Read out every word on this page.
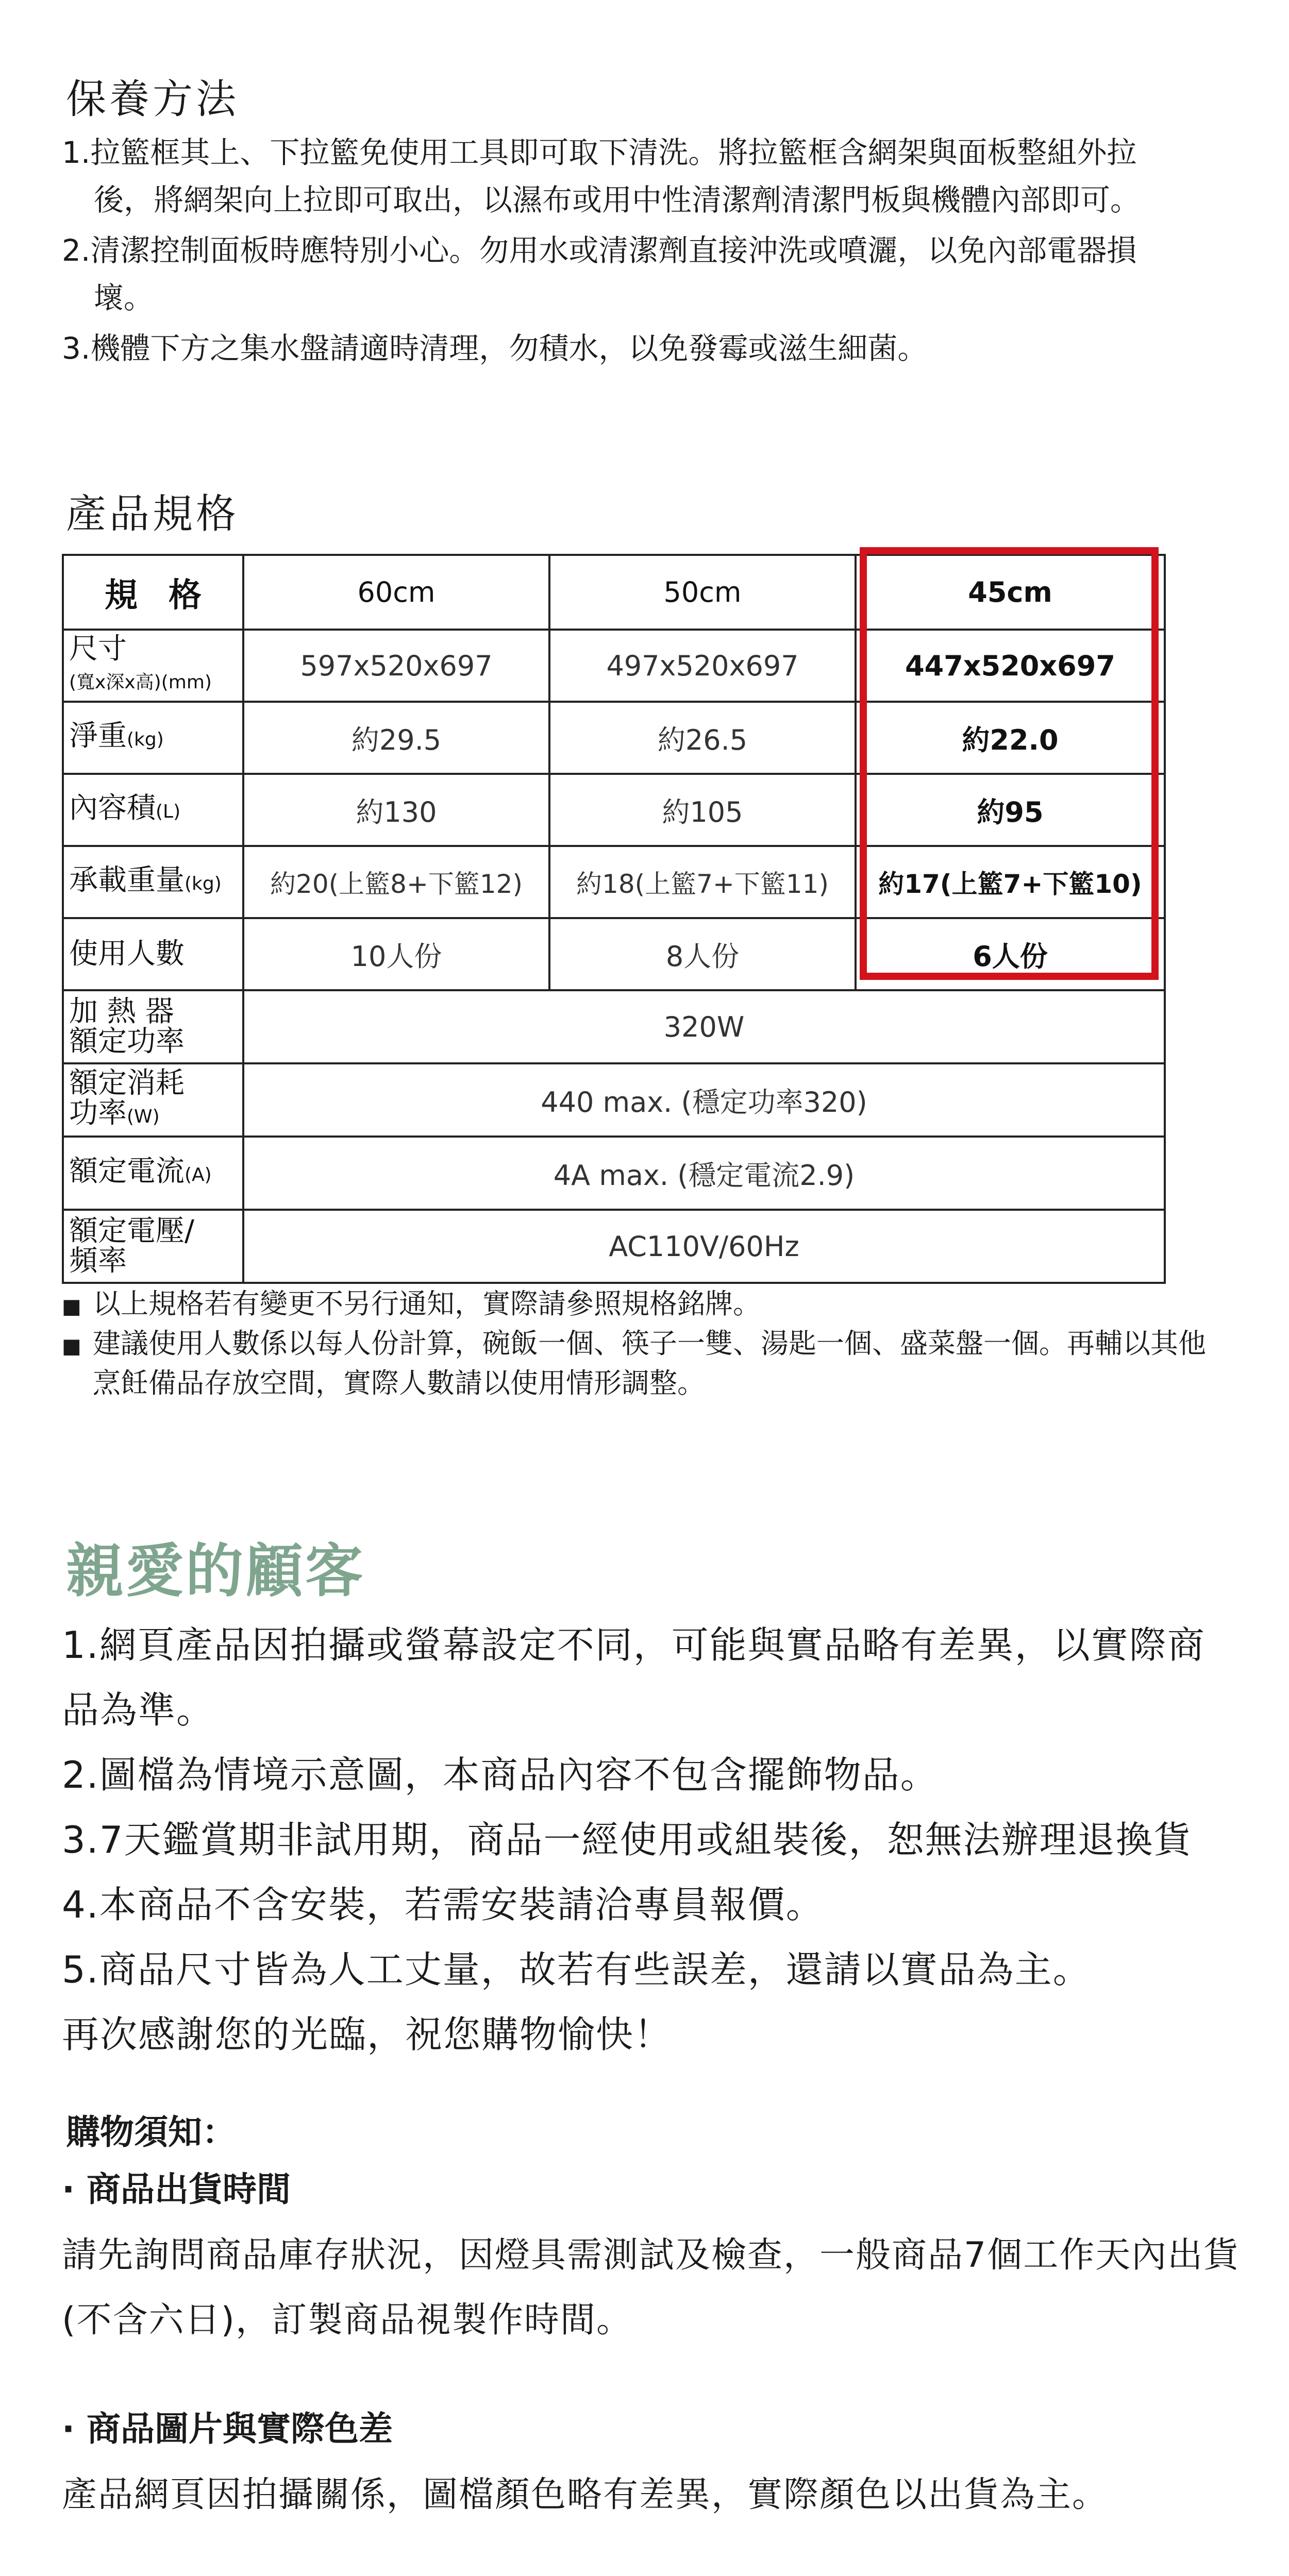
保養方法
1.拉籃框其上、下拉籃免使用工具即可取下清洗。將拉籃框含網架與面板整組外拉後，將網架向上拉即可取出，以濕布或用中性清潔劑清潔門板與機體內部即可。
2.清潔控制面板時應特別小心。勿用水或清潔劑直接沖洗或噴灑，以免內部電器損壞。
3.機體下方之集水盤請適時清理，勿積水，以免發霉或滋生細菌。
產品規格
規格	60cm	50cm	45cm
尺寸
(寬x深x高)(mm)	597x520x697	497x520x697	447x520x697
淨重(kg)	約29.5	約26.5	約22.0
內容積(L)	約130	約105	約95
承載重量(kg)	約20(上籃8+下籃12)	約18(上籃7+下籃11)	約17(上籃7+下籃10)
使用人數	10人份	8人份	6人份
加 熱 器
額定功率	320W		
額定消耗
功率(W)	440 max. (穩定功率320)		
額定電流(A)	4A max. (穩定電流2.9)		
額定電壓/
頻率	AC110V/60Hz		
■ 以上規格若有變更不另行通知，實際請參照規格銘牌。
■ 建議使用人數係以每人份計算，碗飯一個、筷子一雙、湯匙一個、盛菜盤一個。再輔以其他烹飪備品存放空間，實際人數請以使用情形調整。
親愛的顧客
1.網頁產品因拍攝或螢幕設定不同，可能與實品略有差異，以實際商品為準。
2.圖檔為情境示意圖，本商品內容不包含擺飾物品。
3.7天鑑賞期非試用期，商品一經使用或組裝後，恕無法辦理退換貨
4.本商品不含安裝，若需安裝請洽專員報價。
5.商品尺寸皆為人工丈量，故若有些誤差，還請以實品為主。
再次感謝您的光臨，祝您購物愉快！
購物須知：
· 商品出貨時間
請先詢問商品庫存狀況，因燈具需測試及檢查，一般商品7個工作天內出貨(不含六日)，訂製商品視製作時間。
· 商品圖片與實際色差
產品網頁因拍攝關係，圖檔顏色略有差異，實際顏色以出貨為主。
